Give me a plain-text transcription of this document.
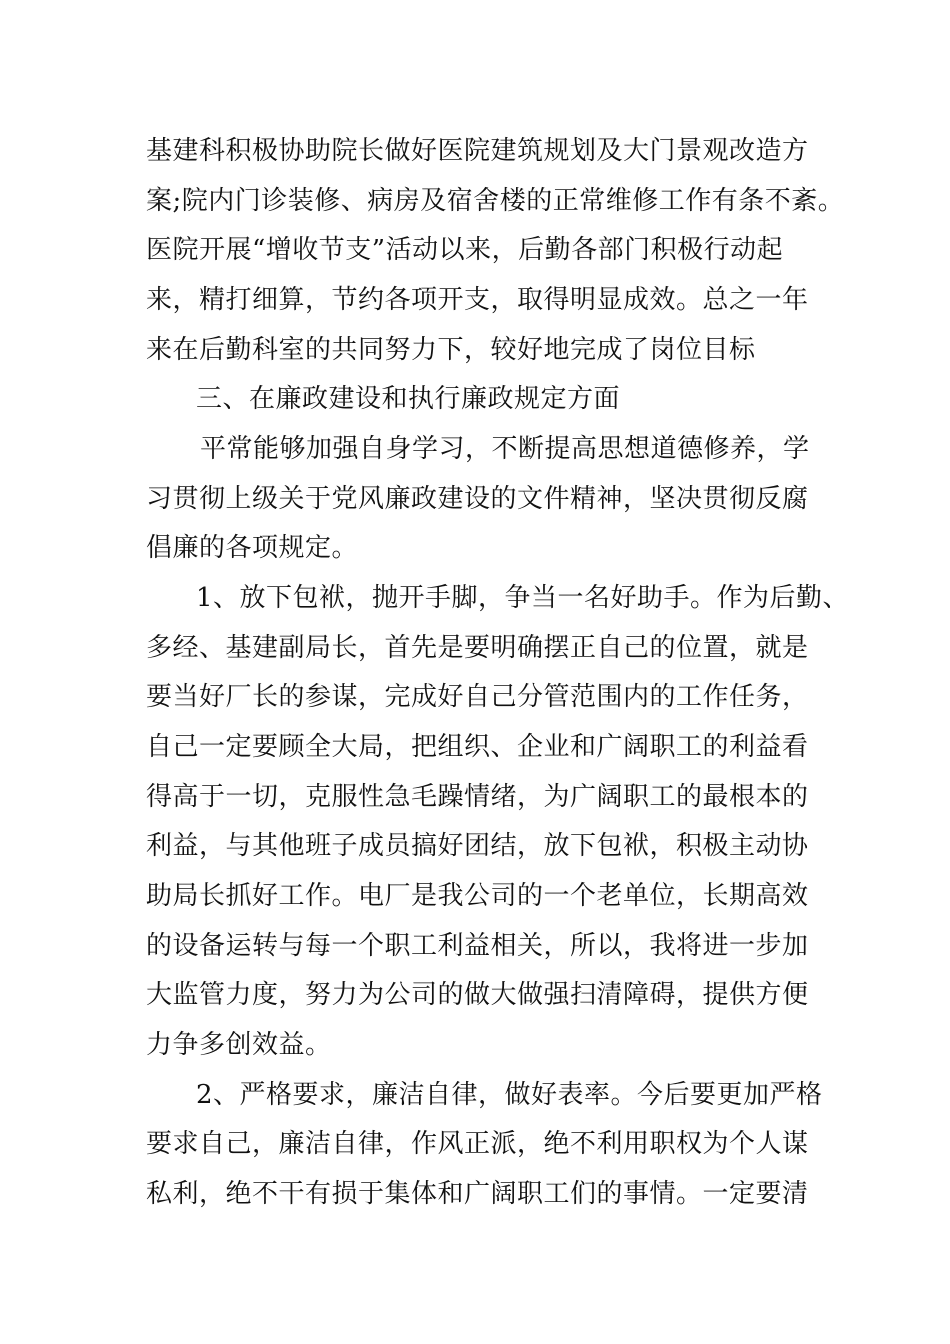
基建科积极协助院长做好医院建筑规划及大门景观改造方

案;院内门诊装修、病房及宿舍楼的正常维修工作有条不紊。

医院开展“增收节支”活动以来，后勤各部门积极行动起

来，精打细算，节约各项开支，取得明显成效。总之一年

来在后勤科室的共同努力下，较好地完成了岗位目标

三、在廉政建设和执行廉政规定方面

平常能够加强自身学习，不断提高思想道德修养，学

习贯彻上级关于党风廉政建设的文件精神，坚决贯彻反腐

倡廉的各项规定。

1、放下包袱，抛开手脚，争当一名好助手。作为后勤、

多经、基建副局长，首先是要明确摆正自己的位置，就是

要当好厂长的参谋，完成好自己分管范围内的工作任务，

自己一定要顾全大局，把组织、企业和广阔职工的利益看

得高于一切，克服性急毛躁情绪，为广阔职工的最根本的

利益，与其他班子成员搞好团结，放下包袱，积极主动协

助局长抓好工作。电厂是我公司的一个老单位，长期高效

的设备运转与每一个职工利益相关，所以，我将进一步加

大监管力度，努力为公司的做大做强扫清障碍，提供方便

力争多创效益。

2、严格要求，廉洁自律，做好表率。今后要更加严格

要求自己，廉洁自律，作风正派，绝不利用职权为个人谋

私利，绝不干有损于集体和广阔职工们的事情。一定要清
